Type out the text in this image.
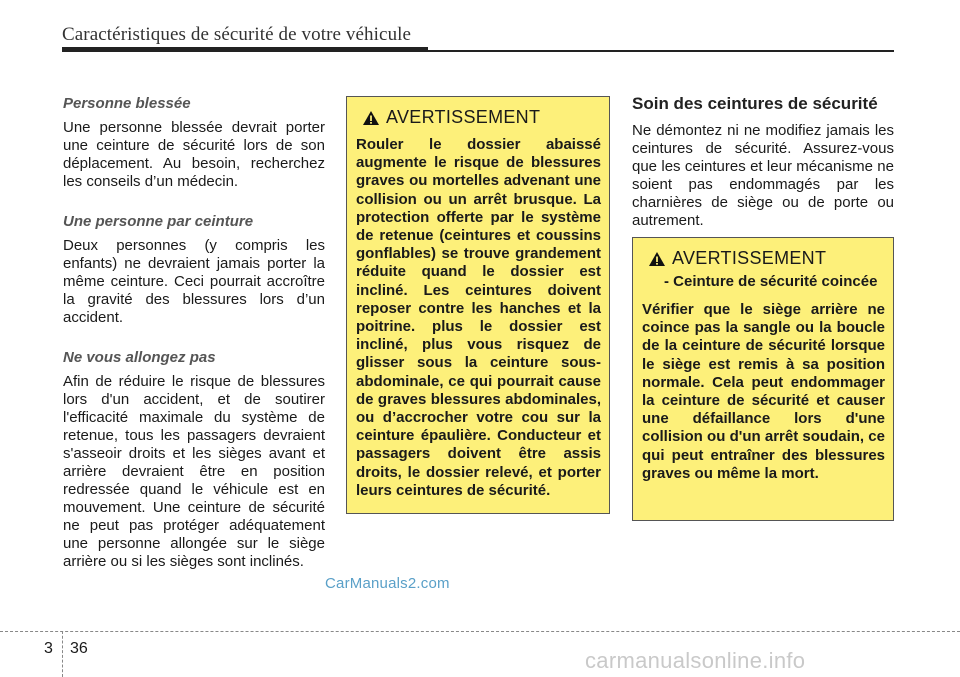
Caractéristiques de sécurité de votre véhicule
Personne blessée
Une personne blessée devrait porter une ceinture de sécurité lors de son déplacement. Au besoin, recherchez les conseils d’un médecin.
Une personne par ceinture
Deux personnes (y compris les enfants) ne devraient jamais porter la même ceinture. Ceci pourrait accroître la gravité des blessures lors d’un accident.
Ne vous allongez pas
Afin de réduire le risque de blessures lors d'un accident, et de soutirer l'efficacité maximale du système de retenue, tous les passagers devraient s'asseoir droits et les sièges avant et arrière devraient être en position redressée quand le véhicule est en mouvement. Une ceinture de sécurité ne peut pas protéger adéquatement une personne allongée sur le siège arrière ou si les sièges sont inclinés.
AVERTISSEMENT
Rouler le dossier abaissé augmente le risque de blessures graves ou mortelles advenant une collision ou un arrêt brusque. La protection offerte par le système de retenue (ceintures et coussins gonflables) se trouve grandement réduite quand le dossier est incliné. Les ceintures doivent reposer contre les hanches et la poitrine. plus le dossier est incliné, plus vous risquez de glisser sous la ceinture sous-abdominale, ce qui pourrait cause de graves blessures abdominales, ou d’accrocher votre cou sur la ceinture épaulière. Conducteur et passagers doivent être assis droits, le dossier relevé, et porter leurs ceintures de sécurité.
Soin des ceintures de sécurité
Ne démontez ni ne modifiez jamais les ceintures de sécurité. Assurez-vous que les ceintures et leur mécanisme ne soient pas endommagés par les charnières de siège ou de porte ou autrement.
AVERTISSEMENT
- Ceinture de sécurité coincée
Vérifier que le siège arrière ne coince pas la sangle ou la boucle de la ceinture de sécurité lorsque le siège est remis à sa position normale. Cela peut endommager la ceinture de sécurité et causer une défaillance lors d'une collision ou d'un arrêt soudain, ce qui peut entraîner des blessures graves ou même la mort.
CarManuals2.com
3 36	carmanualsonline.info
